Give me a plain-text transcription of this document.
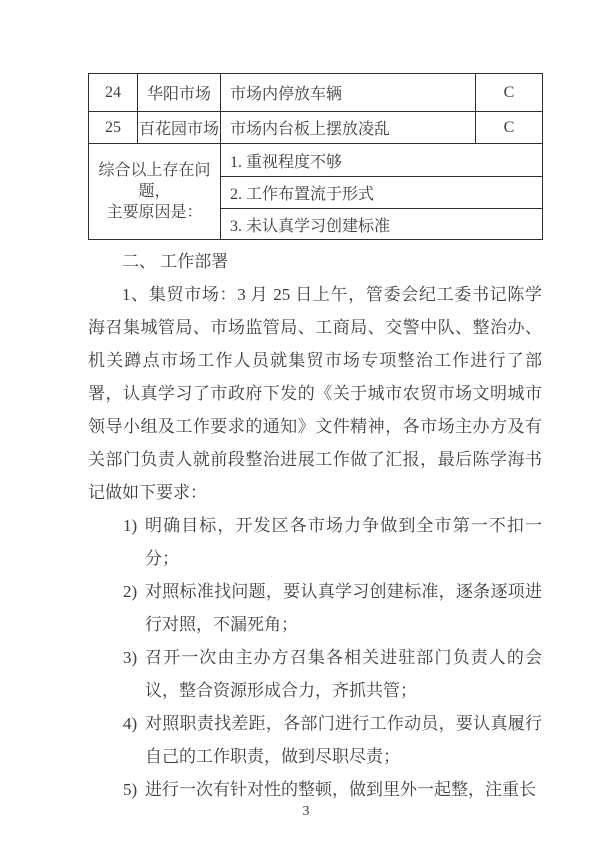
24	华阳市场	市场内停放车辆	C
25	百花园市场	市场内台板上摆放凌乱	C

综合以上存在问题，
主要原因是：		1. 重视程度不够	
		2. 工作布置流于形式	
		3. 未认真学习创建标准	
二、 工作部署

1、集贸市场：3 月 25 日上午，管委会纪工委书记陈学海召集城管局、市场监管局、工商局、交警中队、整治办、机关蹲点市场工作人员就集贸市场专项整治工作进行了部署，认真学习了市政府下发的《关于城市农贸市场文明城市领导小组及工作要求的通知》文件精神，各市场主办方及有关部门负责人就前段整治进展工作做了汇报，最后陈学海书记做如下要求：

1) 明确目标，开发区各市场力争做到全市第一不扣一分；
2) 对照标准找问题，要认真学习创建标准，逐条逐项进行对照，不漏死角；
3) 召开一次由主办方召集各相关进驻部门负责人的会议，整合资源形成合力，齐抓共管；
4) 对照职责找差距，各部门进行工作动员，要认真履行自己的工作职责，做到尽职尽责；
5) 进行一次有针对性的整顿，做到里外一起整，注重长
3
